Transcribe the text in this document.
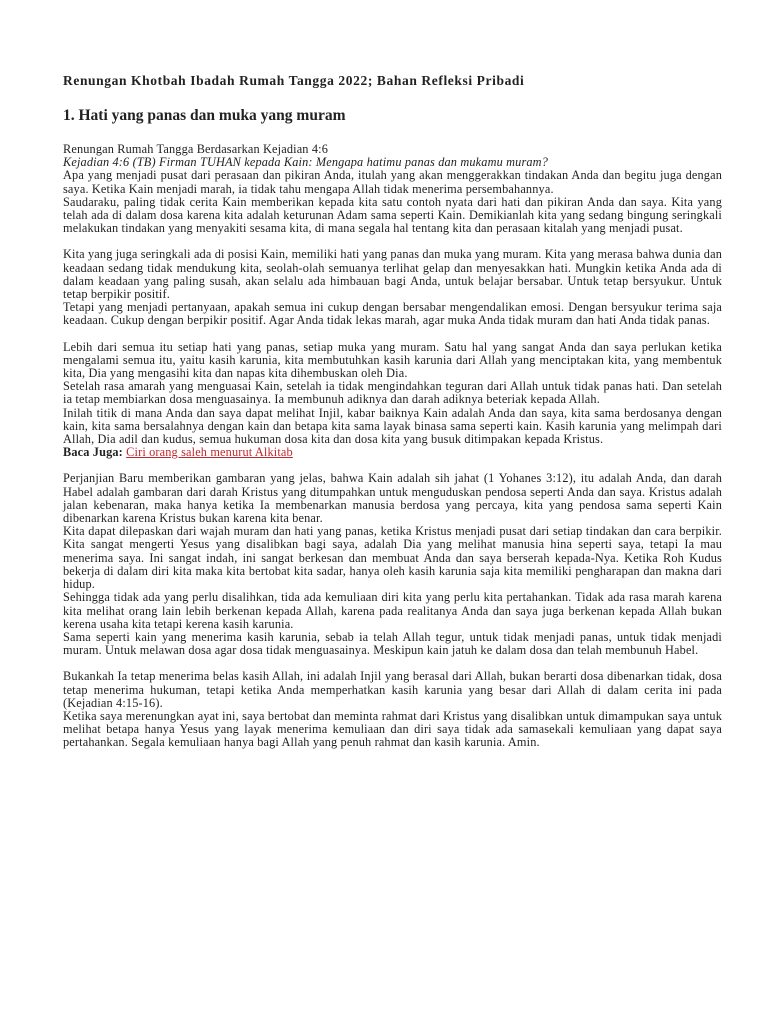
Renungan Khotbah Ibadah Rumah Tangga 2022; Bahan Refleksi Pribadi
1. Hati yang panas dan muka yang muram

Renungan Rumah Tangga Berdasarkan Kejadian 4:6

Kejadian 4:6 (TB) Firman TUHAN kepada Kain: Mengapa hatimu panas dan mukamu muram?

Apa yang menjadi pusat dari perasaan dan pikiran Anda, itulah yang akan menggerakkan tindakan Anda dan begitu juga dengan saya. Ketika Kain menjadi marah, ia tidak tahu mengapa Allah tidak menerima persembahannya.

Saudaraku, paling tidak cerita Kain memberikan kepada kita satu contoh nyata dari hati dan pikiran Anda dan saya. Kita yang telah ada di dalam dosa karena kita adalah keturunan Adam sama seperti Kain. Demikianlah kita yang sedang bingung seringkali melakukan tindakan yang menyakiti sesama kita, di mana segala hal tentang kita dan perasaan kitalah yang menjadi pusat.

Kita yang juga seringkali ada di posisi Kain, memiliki hati yang panas dan muka yang muram. Kita yang merasa bahwa dunia dan keadaan sedang tidak mendukung kita, seolah-olah semuanya terlihat gelap dan menyesakkan hati. Mungkin ketika Anda ada di dalam keadaan yang paling susah, akan selalu ada himbauan bagi Anda, untuk belajar bersabar. Untuk tetap bersyukur. Untuk tetap berpikir positif.

Tetapi yang menjadi pertanyaan, apakah semua ini cukup dengan bersabar mengendalikan emosi. Dengan bersyukur terima saja keadaan. Cukup dengan berpikir positif. Agar Anda tidak lekas marah, agar muka Anda tidak muram dan hati Anda tidak panas.

Lebih dari semua itu setiap hati yang panas, setiap muka yang muram. Satu hal yang sangat Anda dan saya perlukan ketika mengalami semua itu, yaitu kasih karunia, kita membutuhkan kasih karunia dari Allah yang menciptakan kita, yang membentuk kita, Dia yang mengasihi kita dan napas kita dihembuskan oleh Dia.

Setelah rasa amarah yang menguasai Kain, setelah ia tidak mengindahkan teguran dari Allah untuk tidak panas hati. Dan setelah ia tetap membiarkan dosa menguasainya. Ia membunuh adiknya dan darah adiknya beteriak kepada Allah.

Inilah titik di mana Anda dan saya dapat melihat Injil, kabar baiknya Kain adalah Anda dan saya, kita sama berdosanya dengan kain, kita sama bersalahnya dengan kain dan betapa kita sama layak binasa sama seperti kain. Kasih karunia yang melimpah dari Allah, Dia adil dan kudus, semua hukuman dosa kita dan dosa kita yang busuk ditimpakan kepada Kristus.

Baca Juga: Ciri orang saleh menurut Alkitab

Perjanjian Baru memberikan gambaran yang jelas, bahwa Kain adalah sih jahat (1 Yohanes 3:12), itu adalah Anda, dan darah Habel adalah gambaran dari darah Kristus yang ditumpahkan untuk menguduskan pendosa seperti Anda dan saya. Kristus adalah jalan kebenaran, maka hanya ketika Ia membenarkan manusia berdosa yang percaya, kita yang pendosa sama seperti Kain dibenarkan karena Kristus bukan karena kita benar.

Kita dapat dilepaskan dari wajah muram dan hati yang panas, ketika Kristus menjadi pusat dari setiap tindakan dan cara berpikir. Kita sangat mengerti Yesus yang disalibkan bagi saya, adalah Dia yang melihat manusia hina seperti saya, tetapi Ia mau menerima saya. Ini sangat indah, ini sangat berkesan dan membuat Anda dan saya berserah kepada-Nya. Ketika Roh Kudus bekerja di dalam diri kita maka kita bertobat kita sadar, hanya oleh kasih karunia saja kita memiliki pengharapan dan makna dari hidup.

Sehingga tidak ada yang perlu disalihkan, tida ada kemuliaan diri kita yang perlu kita pertahankan. Tidak ada rasa marah karena kita melihat orang lain lebih berkenan kepada Allah, karena pada realitanya Anda dan saya juga berkenan kepada Allah bukan kerena usaha kita tetapi kerena kasih karunia.

Sama seperti kain yang menerima kasih karunia, sebab ia telah Allah tegur, untuk tidak menjadi panas, untuk tidak menjadi muram. Untuk melawan dosa agar dosa tidak menguasainya. Meskipun kain jatuh ke dalam dosa dan telah membunuh Habel.

Bukankah Ia tetap menerima belas kasih Allah, ini adalah Injil yang berasal dari Allah, bukan berarti dosa dibenarkan tidak, dosa tetap menerima hukuman, tetapi ketika Anda memperhatkan kasih karunia yang besar dari Allah di dalam cerita ini pada (Kejadian 4:15-16).

Ketika saya merenungkan ayat ini, saya bertobat dan meminta rahmat dari Kristus yang disalibkan untuk dimampukan saya untuk melihat betapa hanya Yesus yang layak menerima kemuliaan dan diri saya tidak ada samasekali kemuliaan yang dapat saya pertahankan. Segala kemuliaan hanya bagi Allah yang penuh rahmat dan kasih karunia. Amin.
